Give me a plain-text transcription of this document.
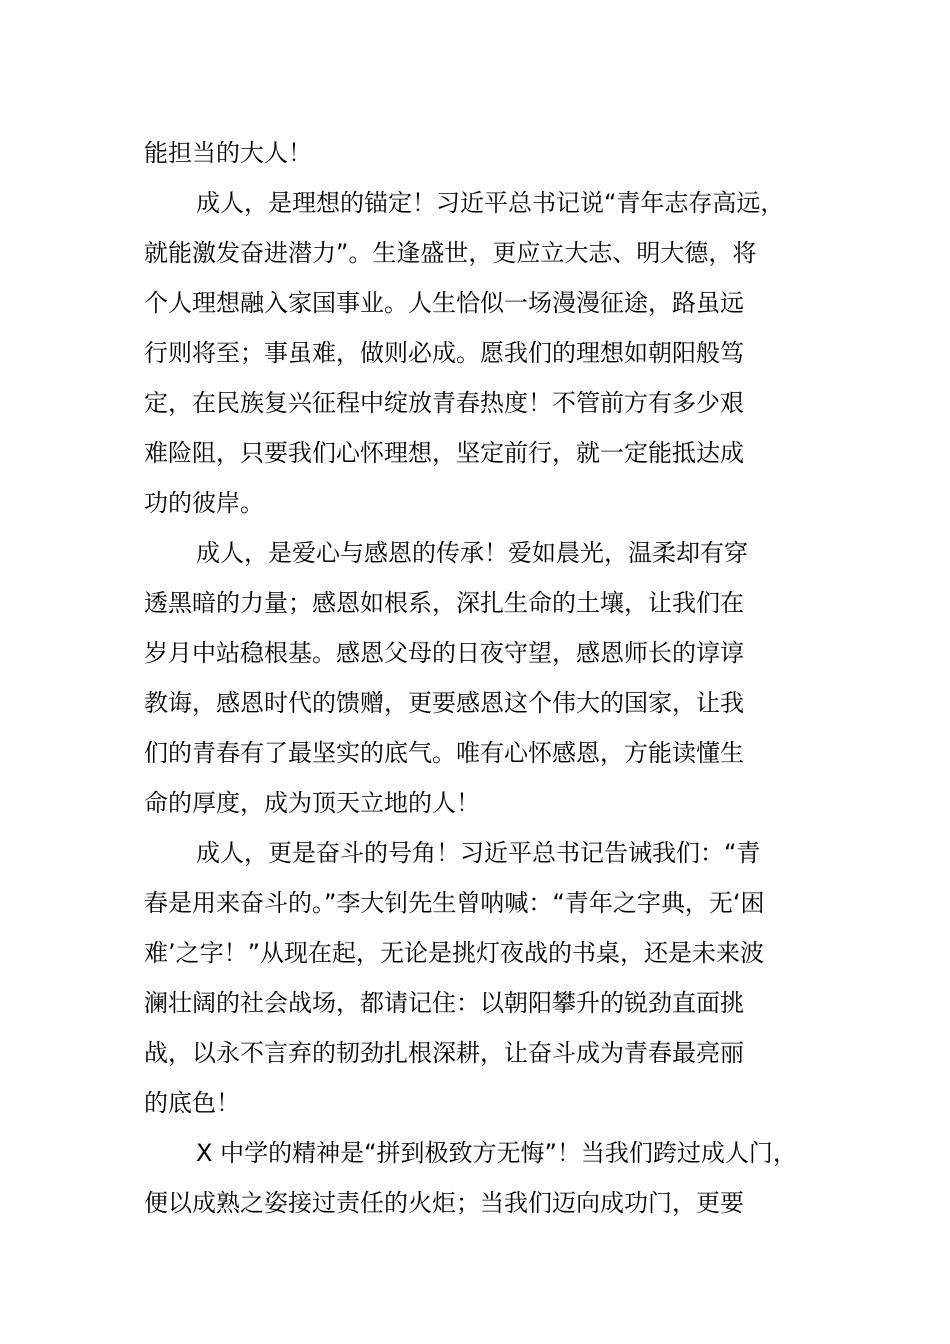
能担当的大人！
成人，是理想的锚定！习近平总书记说“青年志存高远，
就能激发奋进潜力”。生逢盛世，更应立大志、明大德，将
个人理想融入家国事业。人生恰似一场漫漫征途，路虽远
行则将至；事虽难，做则必成。愿我们的理想如朝阳般笃
定，在民族复兴征程中绽放青春热度！不管前方有多少艰
难险阻，只要我们心怀理想，坚定前行，就一定能抵达成
功的彼岸。
成人，是爱心与感恩的传承！爱如晨光，温柔却有穿
透黑暗的力量；感恩如根系，深扎生命的土壤，让我们在
岁月中站稳根基。感恩父母的日夜守望，感恩师长的谆谆
教诲，感恩时代的馈赠，更要感恩这个伟大的国家，让我
们的青春有了最坚实的底气。唯有心怀感恩，方能读懂生
命的厚度，成为顶天立地的人！
成人，更是奋斗的号角！习近平总书记告诫我们：“青
春是用来奋斗的。”李大钊先生曾呐喊：“青年之字典，无‘困
难’之字！”从现在起，无论是挑灯夜战的书桌，还是未来波
澜壮阔的社会战场，都请记住：以朝阳攀升的锐劲直面挑
战，以永不言弃的韧劲扎根深耕，让奋斗成为青春最亮丽
的底色！
X 中学的精神是“拼到极致方无悔”！当我们跨过成人门，
便以成熟之姿接过责任的火炬；当我们迈向成功门，更要
